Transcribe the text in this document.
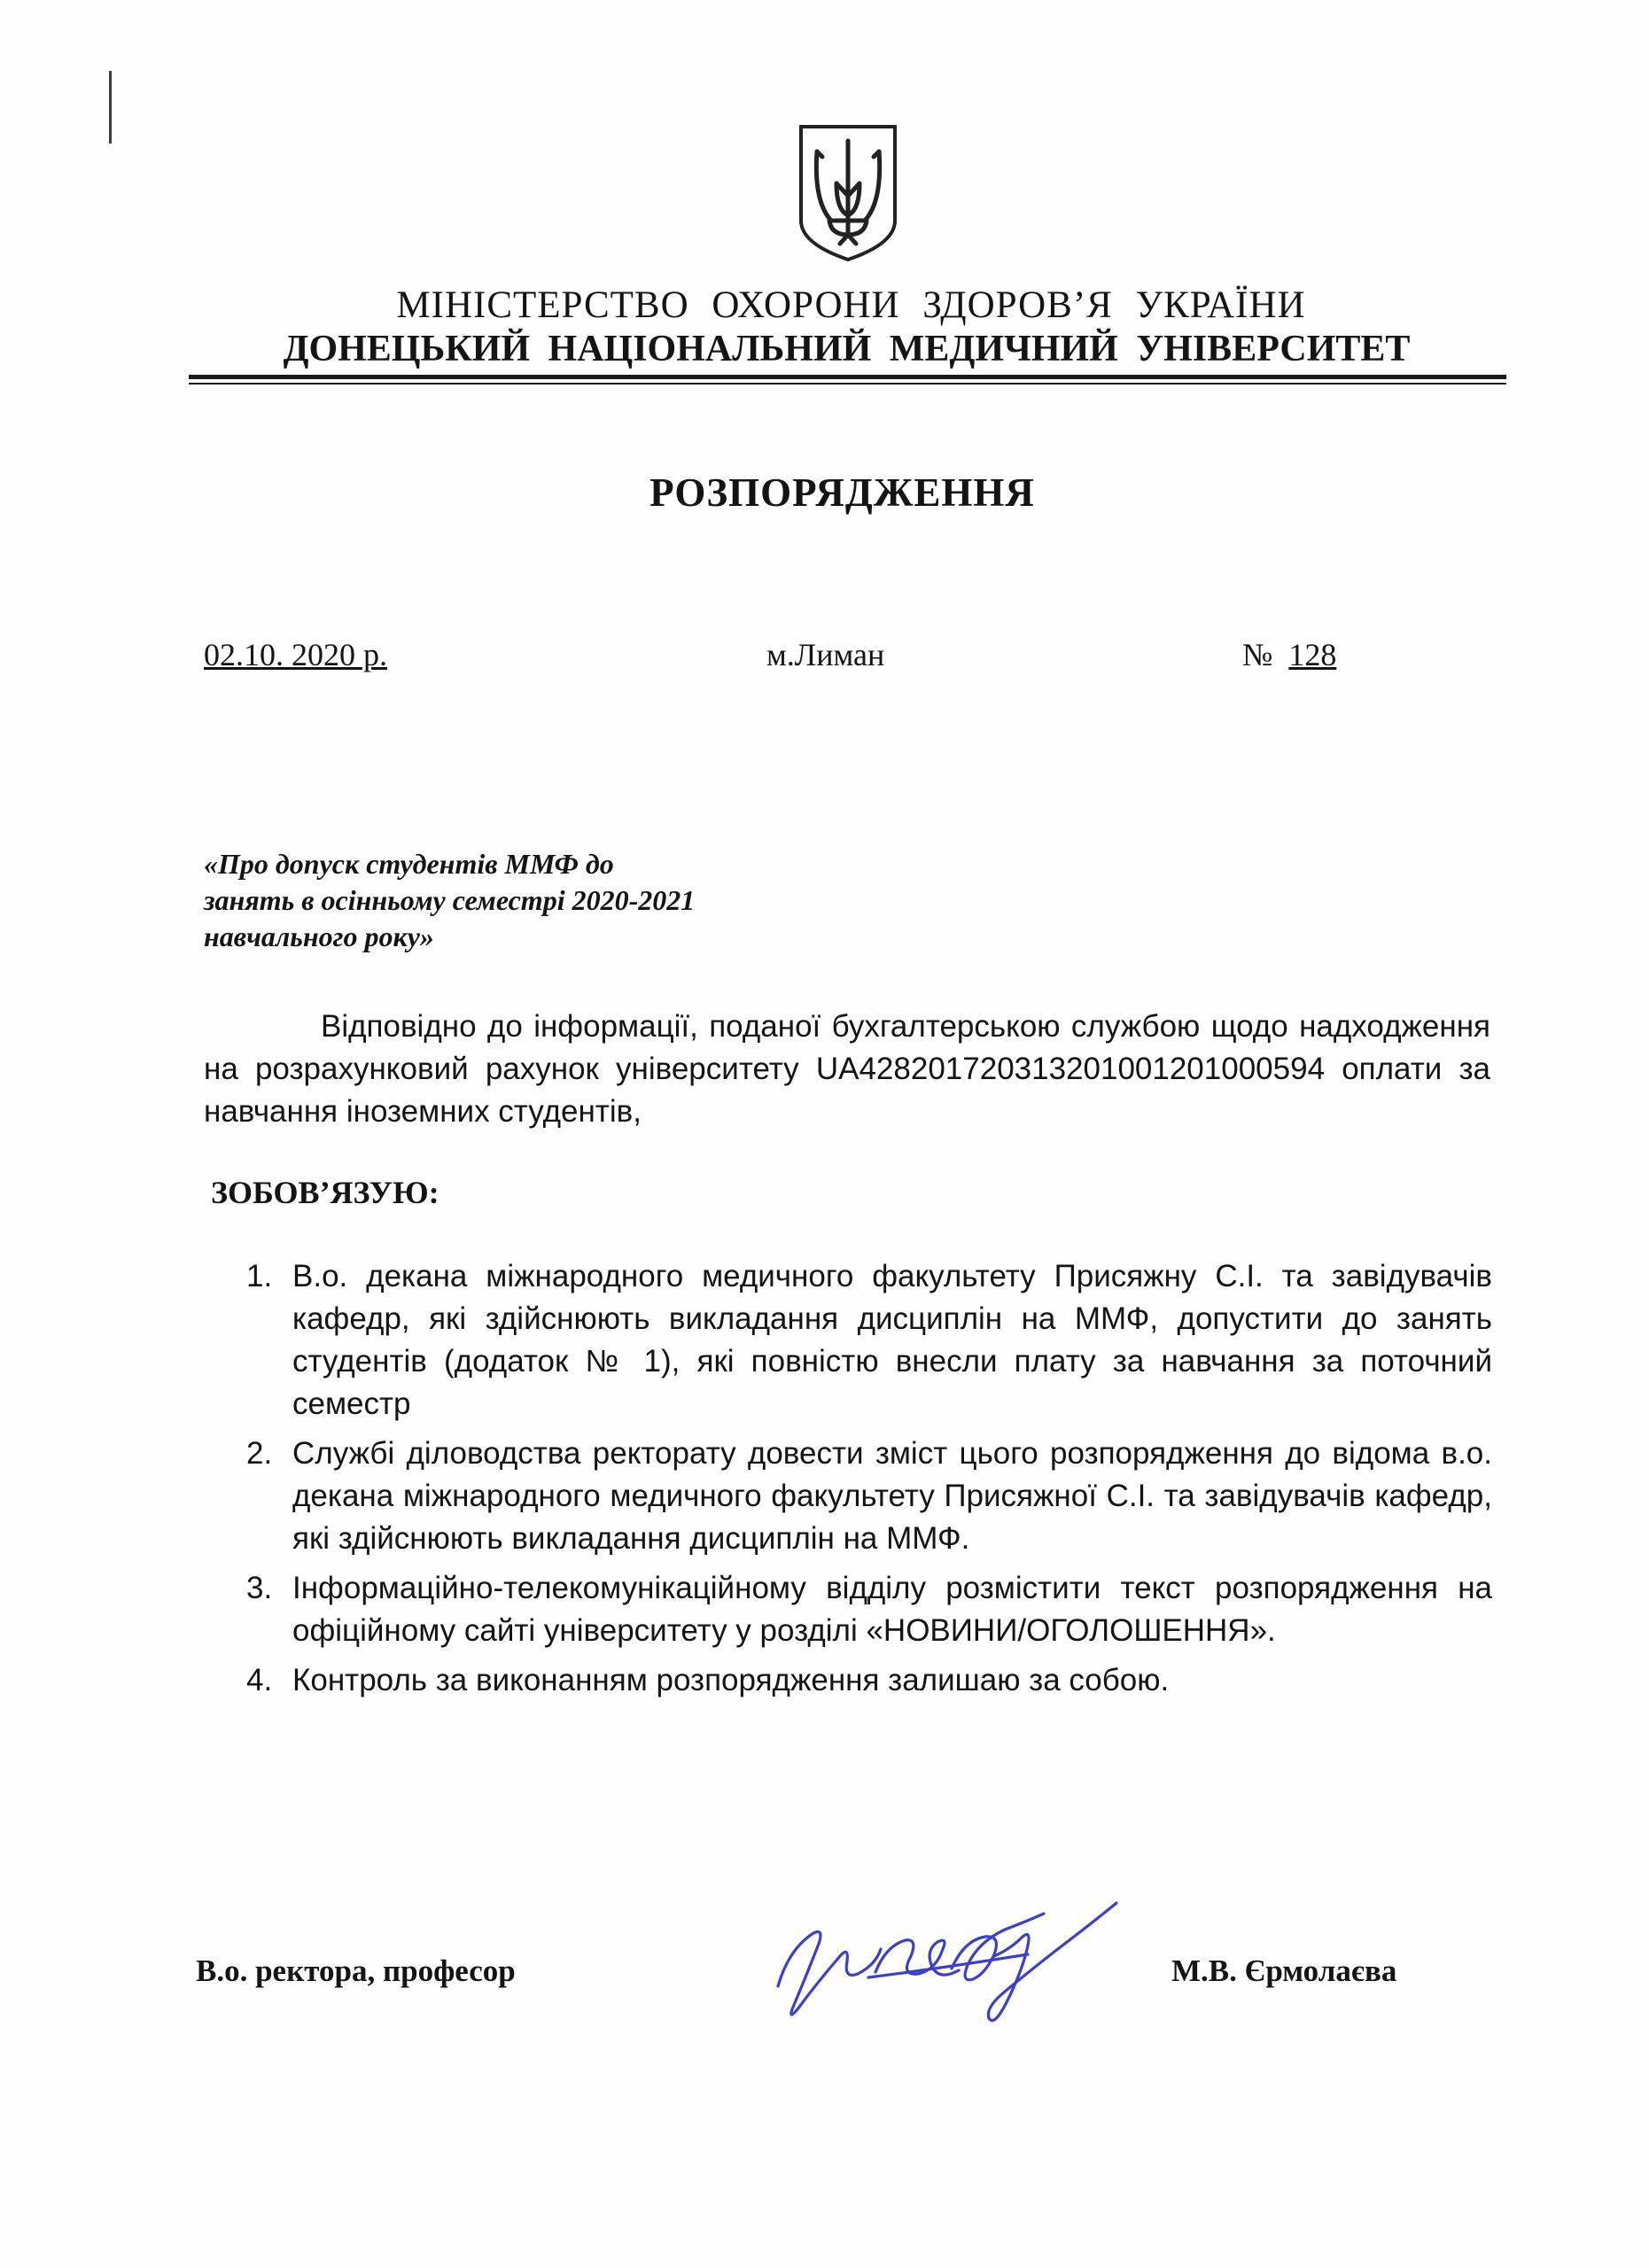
МІНІСТЕРСТВО ОХОРОНИ ЗДОРОВ’Я УКРАЇНИ
ДОНЕЦЬКИЙ НАЦІОНАЛЬНИЙ МЕДИЧНИЙ УНІВЕРСИТЕТ
РОЗПОРЯДЖЕННЯ
02.10. 2020 р.	м.Лиман	№ 128
«Про допуск студентів ММФ до
занять в осінньому семестрі 2020-2021
навчального року»
Відповідно до інформації, поданої бухгалтерською службою щодо надходження на розрахунковий рахунок університету UA428201720313201001201000594 оплати за навчання іноземних студентів,
ЗОБОВ’ЯЗУЮ:
1. В.о. декана міжнародного медичного факультету Присяжну С.І. та завідувачів кафедр, які здійснюють викладання дисциплін на ММФ, допустити до занять студентів (додаток № 1), які повністю внесли плату за навчання за поточний семестр
2. Службі діловодства ректорату довести зміст цього розпорядження до відома в.о. декана міжнародного медичного факультету Присяжної С.І. та завідувачів кафедр, які здійснюють викладання дисциплін на ММФ.
3. Інформаційно-телекомунікаційному відділу розмістити текст розпорядження на офіційному сайті університету у розділі «НОВИНИ/ОГОЛОШЕННЯ».
4. Контроль за виконанням розпорядження залишаю за собою.
В.о. ректора, професор	М.В. Єрмолаєва
